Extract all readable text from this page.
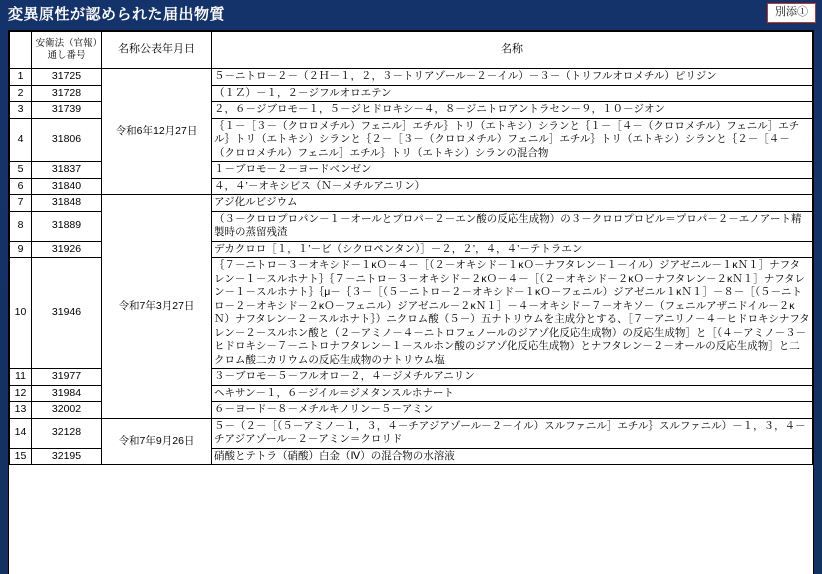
変異原性が認められた届出物質	別添①

	安衛法（官報）通し番号	名称公表年月日	名称
1	31725	令和6年12月27日	５－ニトロ－２－（２Ｈ－１，２，３－トリアゾール－２－イル）－３－（トリフルオロメチル）ピリジン
2	31728		（１Ｚ）－１，２－ジフルオロエテン
3	31739		２，６－ジブロモ－１，５－ジヒドロキシ－４，８－ジニトロアントラセン－９，１０－ジオン
4	31806		｛１－［３－（クロロメチル）フェニル］エチル｝トリ（エトキシ）シランと｛１－［４－（クロロメチル）フェニル］エチル｝トリ（エトキシ）シランと｛２－［３－（クロロメチル）フェニル］エチル｝トリ（エトキシ）シランと｛２－［４－（クロロメチル）フェニル］エチル｝トリ（エトキシ）シランの混合物
5	31837		１－ブロモ－２－ヨードベンゼン
6	31840		４，４’－オキシビス（Ｎ－メチルアニリン）
7	31848	令和7年3月27日	アジ化ルビジウム
8	31889		（３－クロロプロパン－１－オールとプロパ－２－エン酸の反応生成物）の３－クロロプロピル＝プロパ－２－エノアート精製時の蒸留残渣
9	31926		デカクロロ［１，１’－ビ（シクロペンタン）］－２，２’，４，４’－テトラエン
10	31946		｛７－ニトロ－３－オキシド－１κＯ－４－［（２－オキシド－１κＯ－ナフタレン－１－イル）ジアゼニル－１κＮ１］ナフタレン－１－スルホナト｝｛７－ニトロ－３－オキシド－２κＯ－４－［（２－オキシド－２κＯ－ナフタレン－２κＮ１］ナフタレン－１－スルホナト｝｛μ－｛３－［（５－ニトロ－２－オキシド－１κＯ－フェニル）ジアゼニル１κＮ１］－８－［（５－ニトロ－２－オキシド－２κＯ－フェニル）ジアゼニル－２κＮ１］－４－オキシド－７－オキソ－（フェニルアザニドイル－２κＮ）ナフタレン－２－スルホナト｝）ニクロム酸（５－）五ナトリウムを主成分とする、［７－アニリノ－４－ヒドロキシナフタレン－２－スルホン酸と（２－アミノ－４－ニトロフェノールのジアゾ化反応生成物）の反応生成物］と［（４－アミノ－３－ヒドロキシ－７－ニトロナフタレン－１－スルホン酸のジアゾ化反応生成物）とナフタレン－２－オールの反応生成物］と二クロム酸二カリウムの反応生成物のナトリウム塩
11	31977		３－ブロモ－５－フルオロ－２，４－ジメチルアニリン
12	31984		ヘキサン－１，６－ジイル＝ジメタンスルホナート
13	32002		６－ヨード－８－メチルキノリン－５－アミン
14	32128	令和7年9月26日	５－（２－［（５－アミノ－１，３，４－チアジアゾール－２－イル）スルファニル］エチル｝スルファニル）－１，３，４－チアジアゾール－２－アミン＝クロリド
15	32195		硝酸とテトラ（硝酸）白金（Ⅳ）の混合物の水溶液
